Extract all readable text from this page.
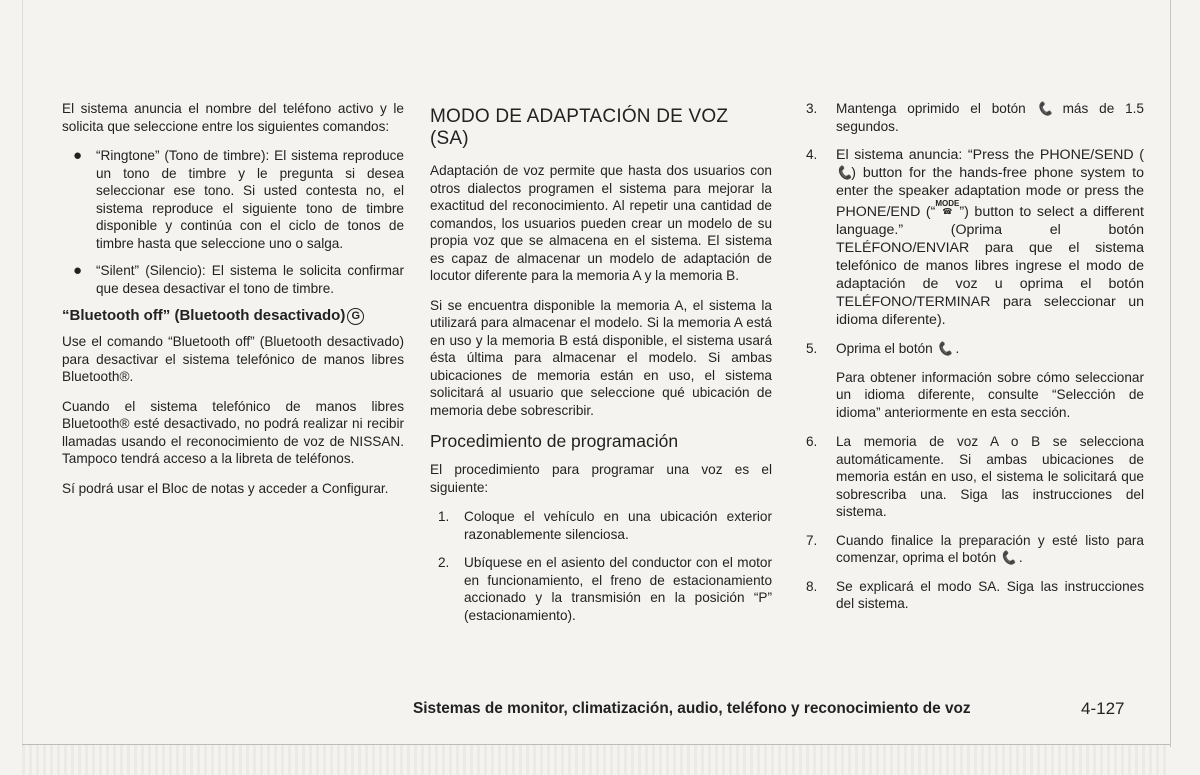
El sistema anuncia el nombre del teléfono activo y le solicita que seleccione entre los siguientes comandos:

● “Ringtone” (Tono de timbre): El sistema reproduce un tono de timbre y le pregunta si desea seleccionar ese tono. Si usted contesta no, el sistema reproduce el siguiente tono de timbre disponible y continúa con el ciclo de tonos de timbre hasta que seleccione uno o salga.

● “Silent” (Silencio): El sistema le solicita confirmar que desea desactivar el tono de timbre.

“Bluetooth off” (Bluetooth desactivado) G

Use el comando “Bluetooth off” (Bluetooth desactivado) para desactivar el sistema telefónico de manos libres Bluetooth®.

Cuando el sistema telefónico de manos libres Bluetooth® esté desactivado, no podrá realizar ni recibir llamadas usando el reconocimiento de voz de NISSAN. Tampoco tendrá acceso a la libreta de teléfonos.

Sí podrá usar el Bloc de notas y acceder a Configurar.

MODO DE ADAPTACIÓN DE VOZ (SA)

Adaptación de voz permite que hasta dos usuarios con otros dialectos programen el sistema para mejorar la exactitud del reconocimiento. Al repetir una cantidad de comandos, los usuarios pueden crear un modelo de su propia voz que se almacena en el sistema. El sistema es capaz de almacenar un modelo de adaptación de locutor diferente para la memoria A y la memoria B.

Si se encuentra disponible la memoria A, el sistema la utilizará para almacenar el modelo. Si la memoria A está en uso y la memoria B está disponible, el sistema usará ésta última para almacenar el modelo. Si ambas ubicaciones de memoria están en uso, el sistema solicitará al usuario que seleccione qué ubicación de memoria debe sobrescribir.

Procedimiento de programación

El procedimiento para programar una voz es el siguiente:

1. Coloque el vehículo en una ubicación exterior razonablemente silenciosa.

2. Ubíquese en el asiento del conductor con el motor en funcionamiento, el freno de estacionamiento accionado y la transmisión en la posición “P” (estacionamiento).

3. Mantenga oprimido el botón 📞 más de 1.5 segundos.

4. El sistema anuncia: “Press the PHONE/SEND (📞) button for the hands-free phone system to enter the speaker adaptation mode or press the PHONE/END (“MODE
☎ ”) button to select a different language.” (Oprima el botón TELÉFONO/ENVIAR para que el sistema telefónico de manos libres ingrese el modo de adaptación de voz u oprima el botón TELÉFONO/TERMINAR para seleccionar un idioma diferente).

5. Oprima el botón 📞 .

Para obtener información sobre cómo seleccionar un idioma diferente, consulte “Selección de idioma” anteriormente en esta sección.

6. La memoria de voz A o B se selecciona automáticamente. Si ambas ubicaciones de memoria están en uso, el sistema le solicitará que sobrescriba una. Siga las instrucciones del sistema.

7. Cuando finalice la preparación y esté listo para comenzar, oprima el botón 📞 .

8. Se explicará el modo SA. Siga las instrucciones del sistema.

Sistemas de monitor, climatización, audio, teléfono y reconocimiento de voz	4-127
